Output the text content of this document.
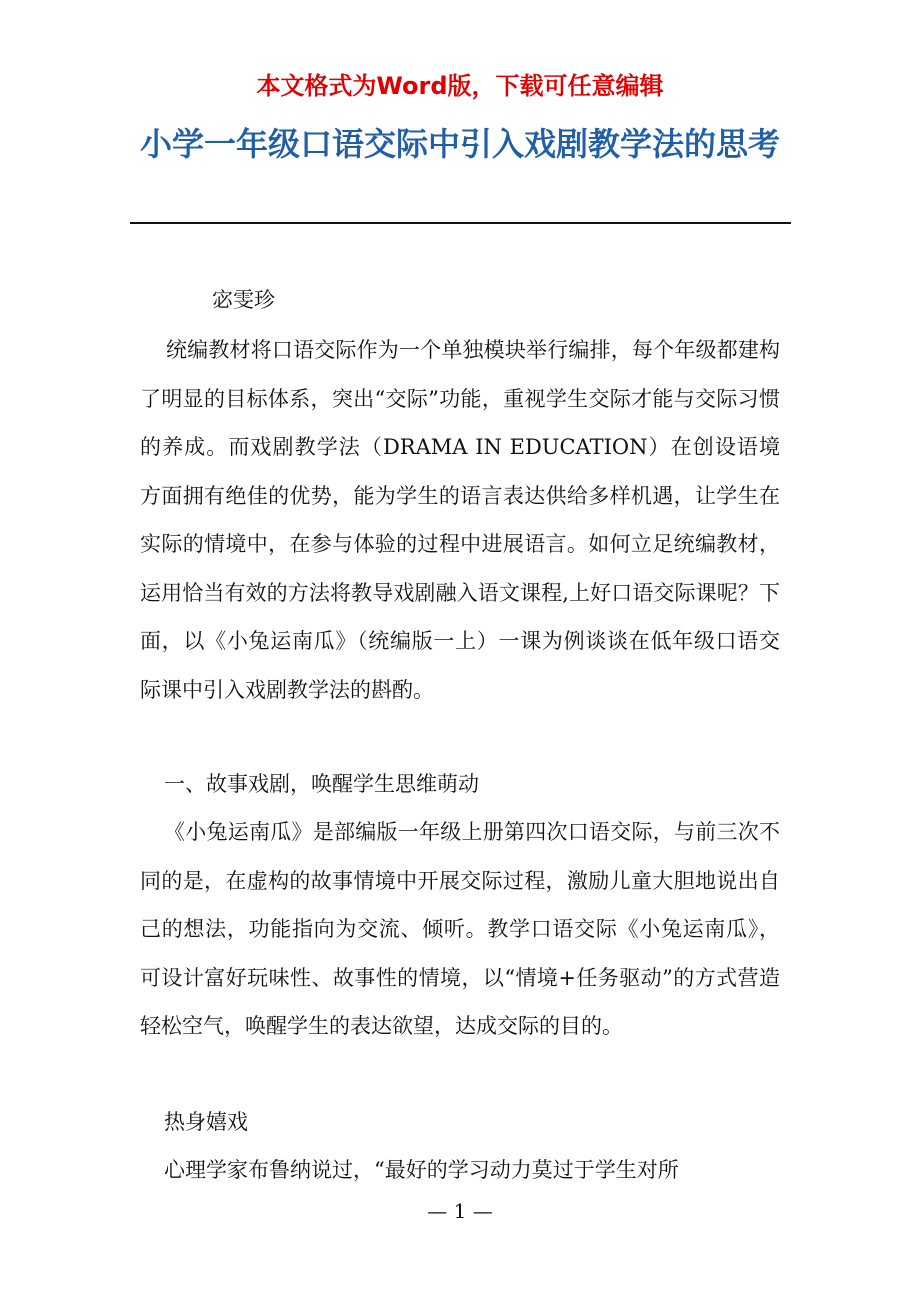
本文格式为Word版，下载可任意编辑
小学一年级口语交际中引入戏剧教学法的思考

宓雯珍

统编教材将口语交际作为一个单独模块举行编排，每个年级都建构了明显的目标体系，突出“交际”功能，重视学生交际才能与交际习惯的养成。而戏剧教学法（DRAMA IN EDUCATION）在创设语境方面拥有绝佳的优势，能为学生的语言表达供给多样机遇，让学生在实际的情境中，在参与体验的过程中进展语言。如何立足统编教材，运用恰当有效的方法将教导戏剧融入语文课程,上好口语交际课呢？下面，以《小兔运南瓜》（统编版一上）一课为例谈谈在低年级口语交际课中引入戏剧教学法的斟酌。

一、故事戏剧，唤醒学生思维萌动

《小兔运南瓜》是部编版一年级上册第四次口语交际，与前三次不同的是，在虚构的故事情境中开展交际过程，激励儿童大胆地说出自己的想法，功能指向为交流、倾听。教学口语交际《小兔运南瓜》，可设计富好玩味性、故事性的情境，以“情境+任务驱动”的方式营造轻松空气，唤醒学生的表达欲望，达成交际的目的。

热身嬉戏

心理学家布鲁纳说过，“最好的学习动力莫过于学生对所

— 1 —
